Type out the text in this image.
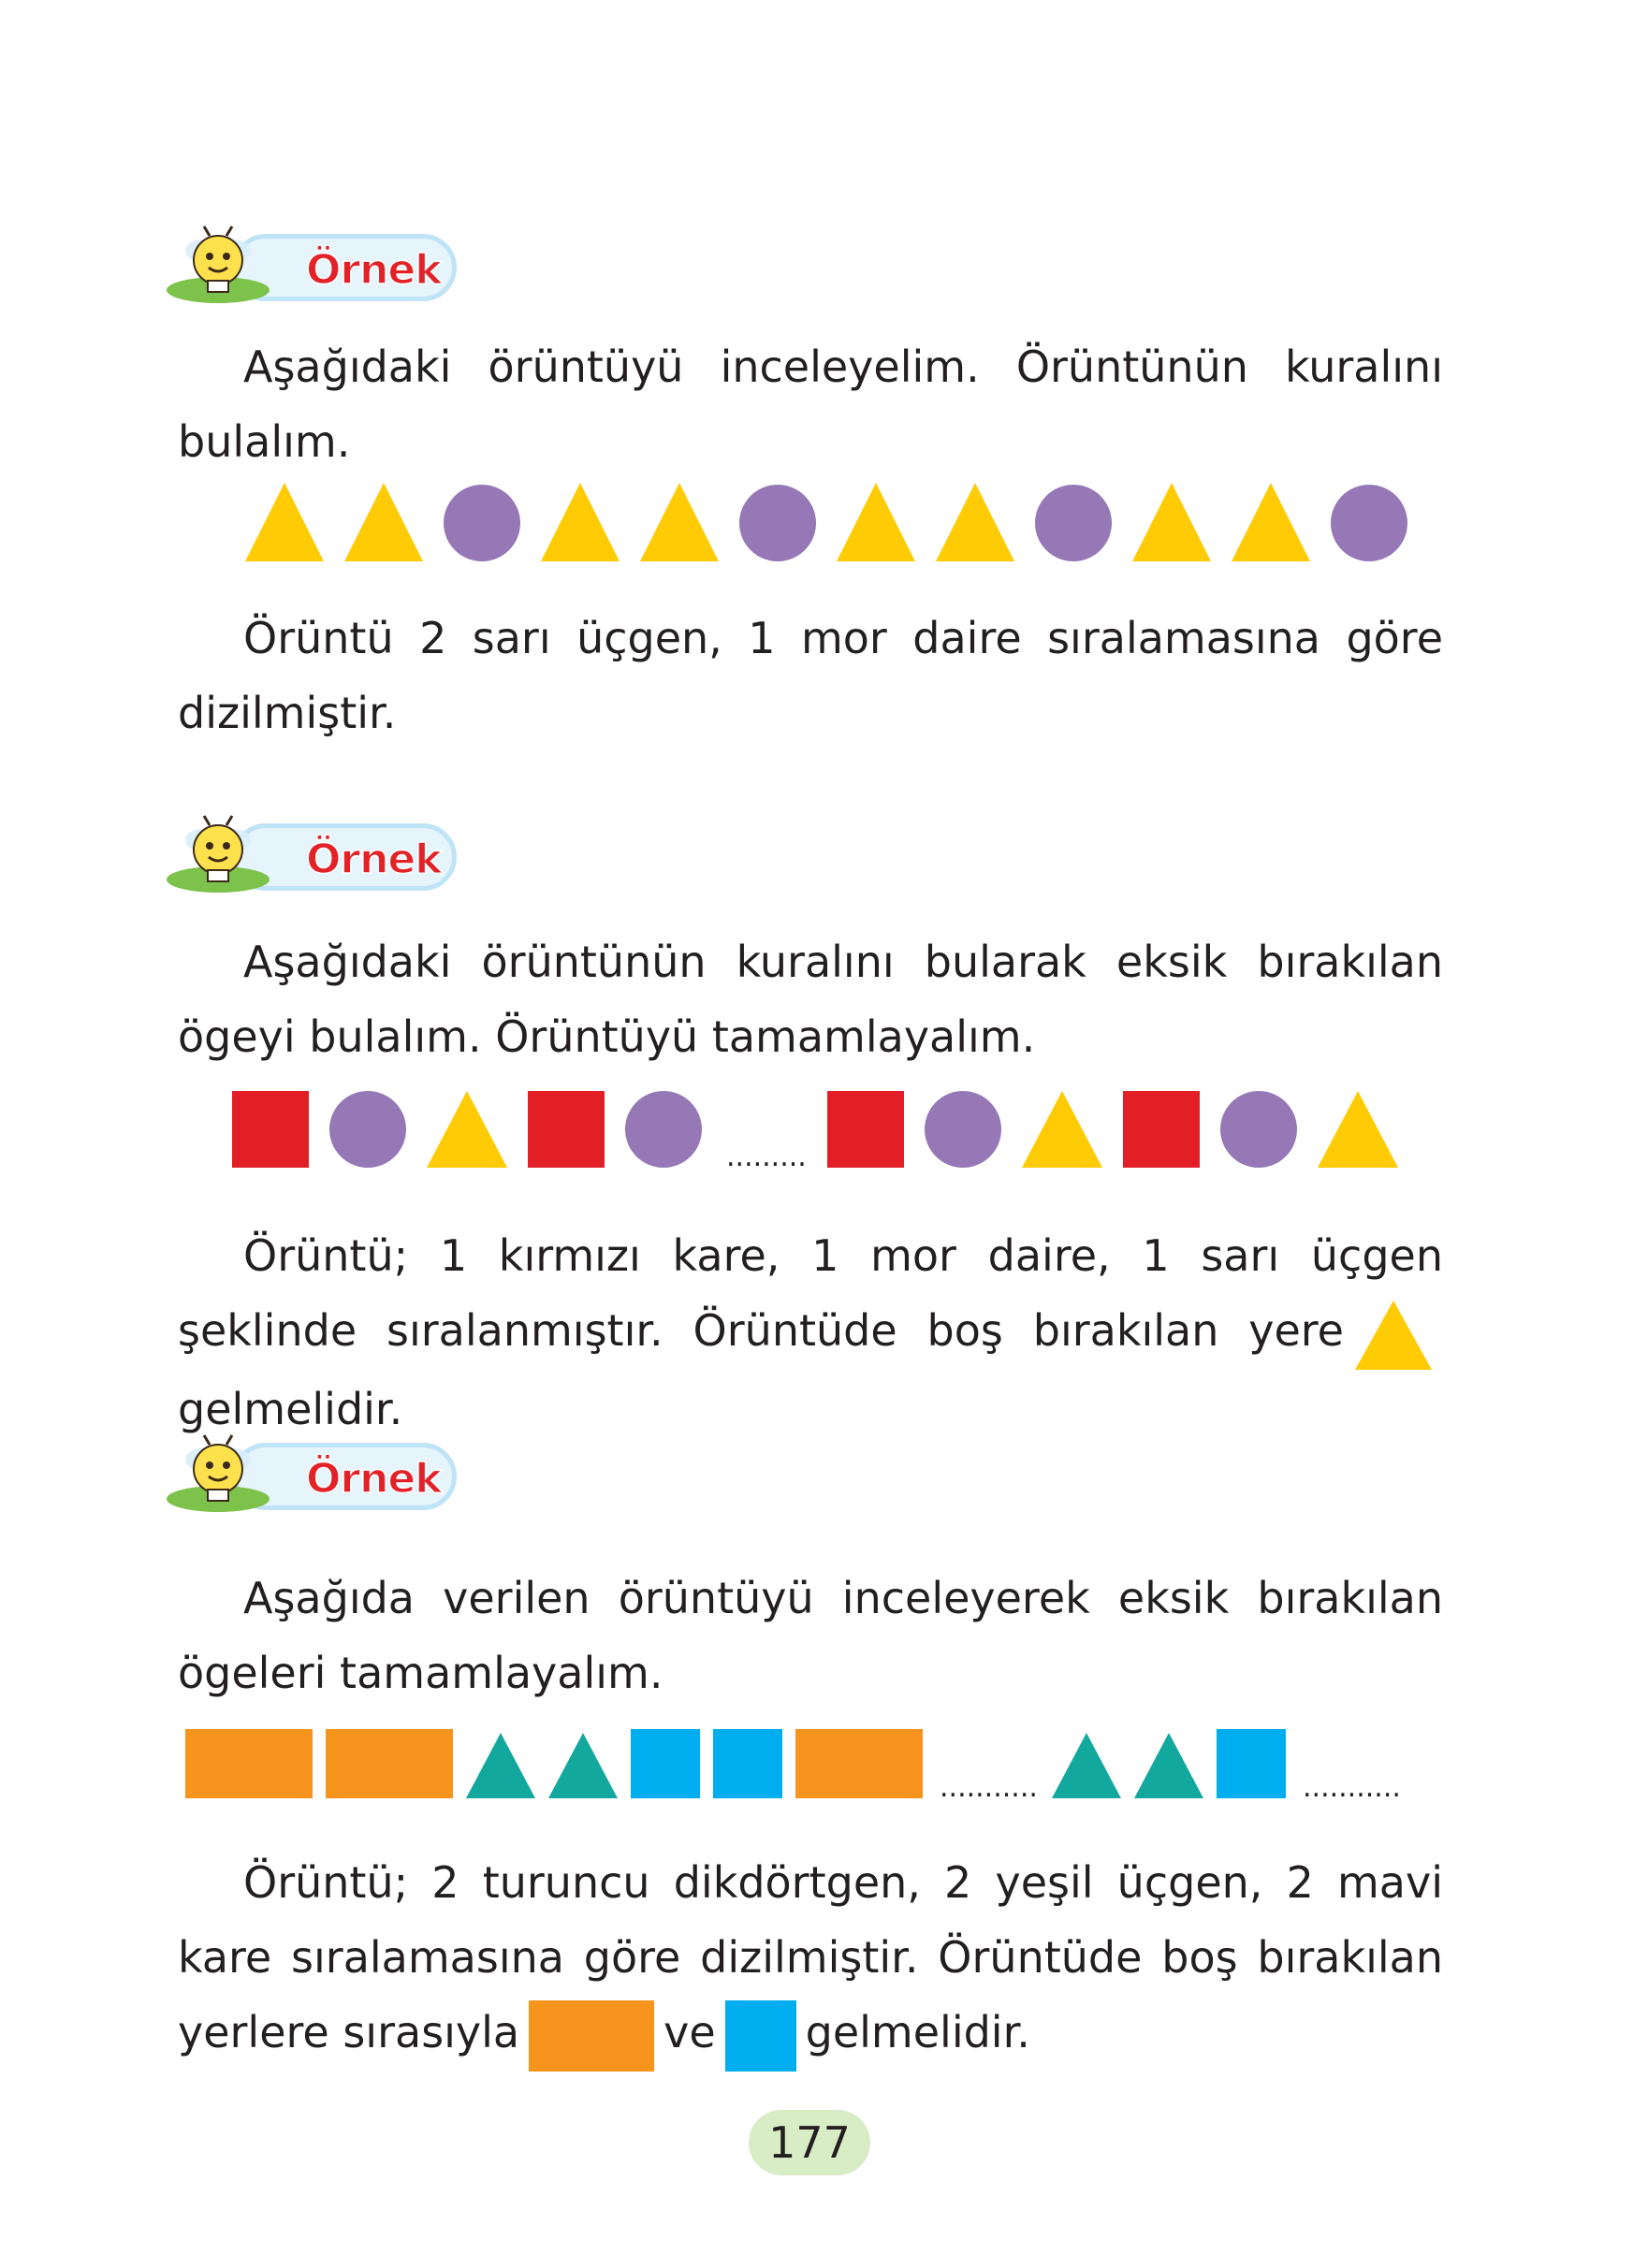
Örnek
Aşağıdaki örüntüyü inceleyelim. Örüntünün kuralını bulalım.
Örüntü 2 sarı üçgen, 1 mor daire sıralamasına göre dizilmiştir.
Örnek
Aşağıdaki örüntünün kuralını bularak eksik bırakılan ögeyi bulalım. Örüntüyü tamamlayalım.
.........
Örüntü; 1 kırmızı kare, 1 mor daire, 1 sarı üçgen şeklinde sıralanmıştır. Örüntüde boş bırakılan yeregelmelidir.
Örnek
Aşağıda verilen örüntüyü inceleyerek eksik bırakılan ögeleri tamamlayalım.
...........	...........
Örüntü; 2 turuncu dikdörtgen, 2 yeşil üçgen, 2 mavi kare sıralamasına göre dizilmiştir. Örüntüde boş bırakılan yerlere sırasıyla	ve gelmelidir.
177
